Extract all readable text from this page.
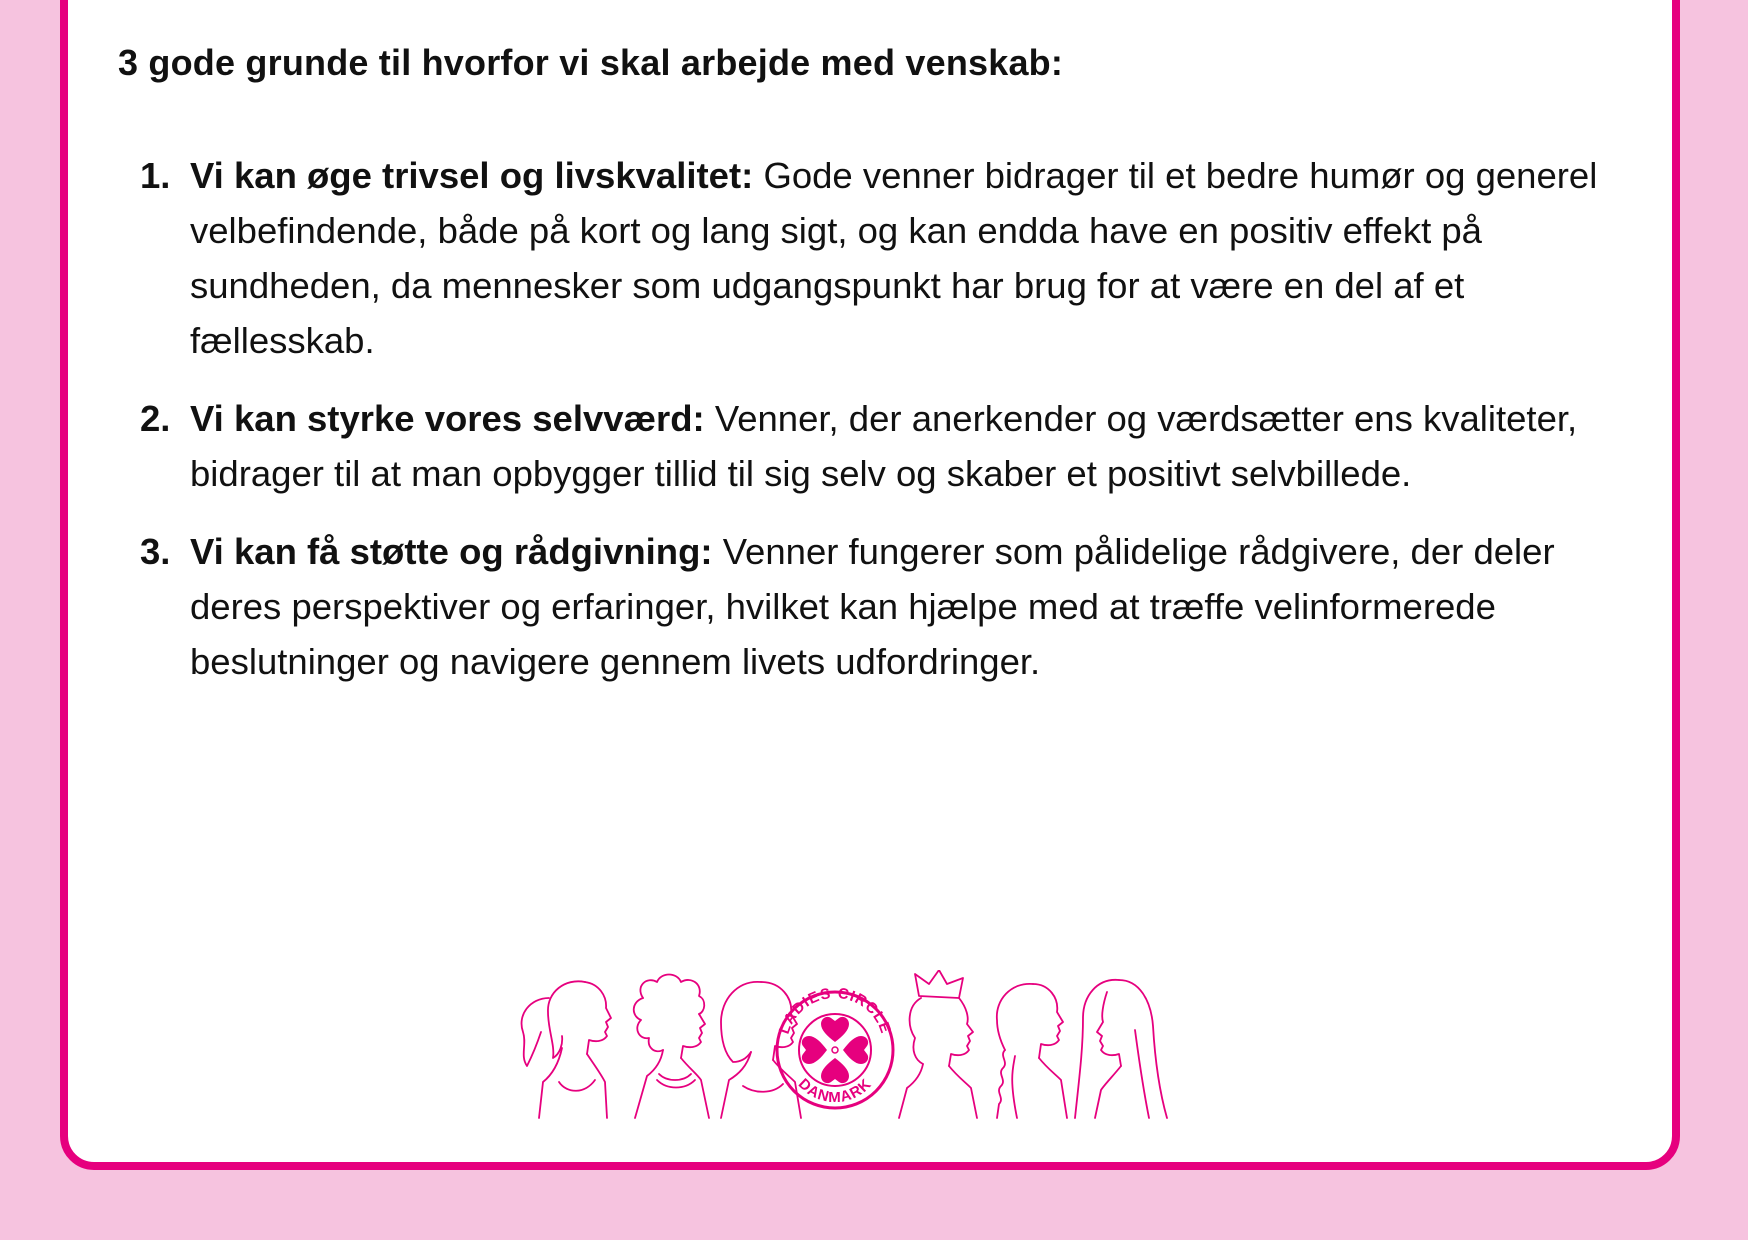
3 gode grunde til hvorfor vi skal arbejde med venskab:
1. Vi kan øge trivsel og livskvalitet: Gode venner bidrager til et bedre humør og generel velbefindende, både på kort og lang sigt, og kan endda have en positiv effekt på sundheden, da mennesker som udgangspunkt har brug for at være en del af et fællesskab.
2. Vi kan styrke vores selvværd: Venner, der anerkender og værdsætter ens kvaliteter, bidrager til at man opbygger tillid til sig selv og skaber et positivt selvbillede.
3. Vi kan få støtte og rådgivning: Venner fungerer som pålidelige rådgivere, der deler deres perspektiver og erfaringer, hvilket kan hjælpe med at træffe velinformerede beslutninger og navigere gennem livets udfordringer.
LADIES CIRCLE
DANMARK
